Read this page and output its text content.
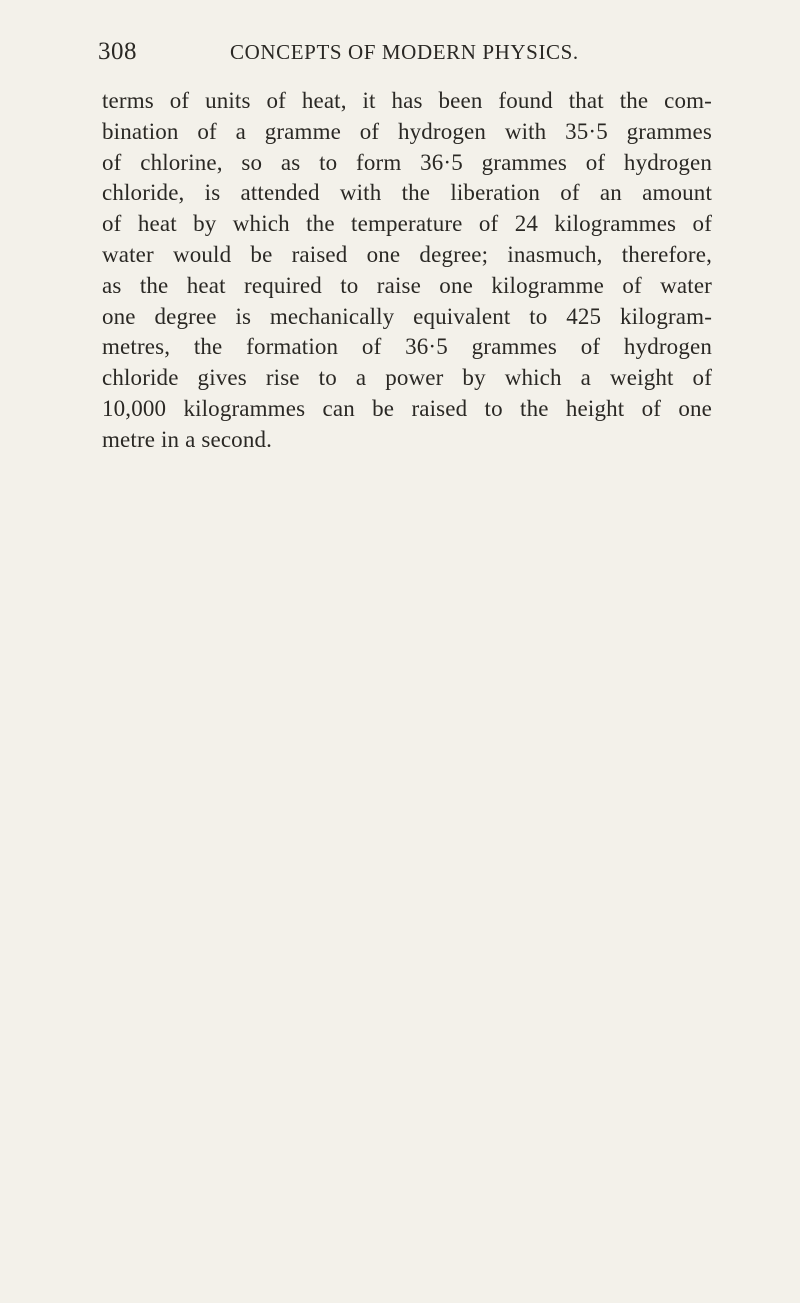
308	CONCEPTS OF MODERN PHYSICS.
terms of units of heat, it has been found that the com-
bination of a gramme of hydrogen with 35·5 grammes
of chlorine, so as to form 36·5 grammes of hydrogen
chloride, is attended with the liberation of an amount
of heat by which the temperature of 24 kilogrammes of
water would be raised one degree; inasmuch, therefore,
as the heat required to raise one kilogramme of water
one degree is mechanically equivalent to 425 kilogram-
metres, the formation of 36·5 grammes of hydrogen
chloride gives rise to a power by which a weight of
10,000 kilogrammes can be raised to the height of one
metre in a second.
